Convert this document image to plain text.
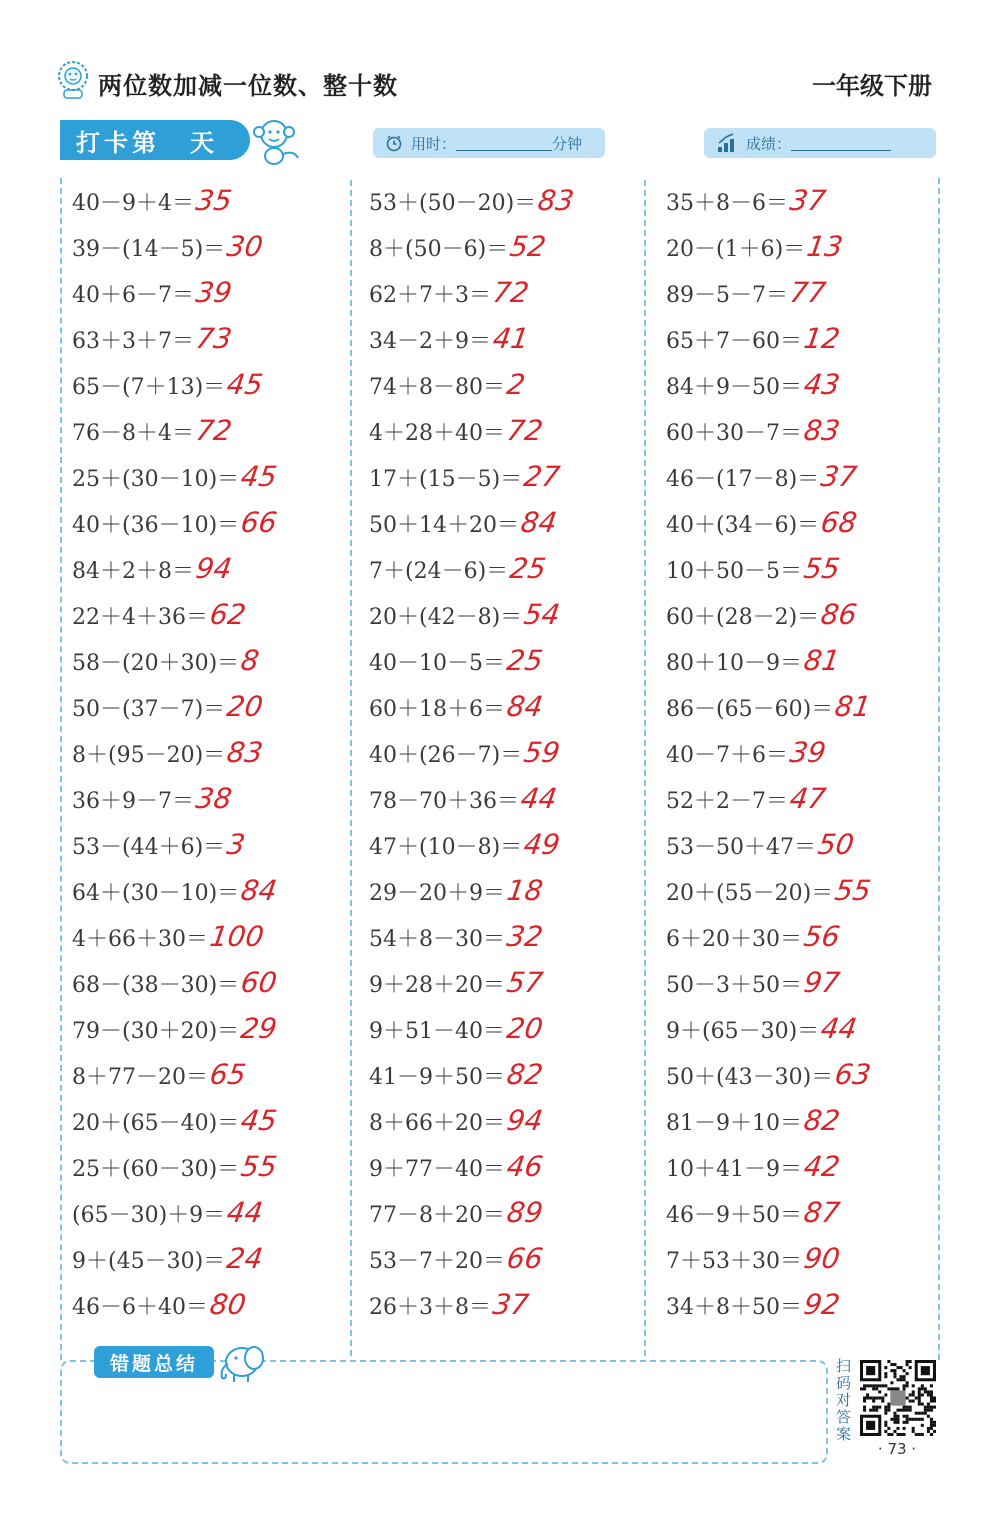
两位数加减一位数、整十数	一年级下册
打卡第 天	用时：	分钟	成绩：
40－9＋4＝35
39－(14－5)＝30
40＋6－7＝39
63＋3＋7＝73
65－(7＋13)＝45
76－8＋4＝72
25＋(30－10)＝45
40＋(36－10)＝66
84＋2＋8＝94
22＋4＋36＝62
58－(20＋30)＝8
50－(37－7)＝20
8＋(95－20)＝83
36＋9－7＝38
53－(44＋6)＝3
64＋(30－10)＝84
4＋66＋30＝100
68－(38－30)＝60
79－(30＋20)＝29
8＋77－20＝65
20＋(65－40)＝45
25＋(60－30)＝55
(65－30)＋9＝44
9＋(45－30)＝24
46－6＋40＝80
53＋(50－20)＝83
8＋(50－6)＝52
62＋7＋3＝72
34－2＋9＝41
74＋8－80＝2
4＋28＋40＝72
17＋(15－5)＝27
50＋14＋20＝84
7＋(24－6)＝25
20＋(42－8)＝54
40－10－5＝25
60＋18＋6＝84
40＋(26－7)＝59
78－70＋36＝44
47＋(10－8)＝49
29－20＋9＝18
54＋8－30＝32
9＋28＋20＝57
9＋51－40＝20
41－9＋50＝82
8＋66＋20＝94
9＋77－40＝46
77－8＋20＝89
53－7＋20＝66
26＋3＋8＝37
35＋8－6＝37
20－(1＋6)＝13
89－5－7＝77
65＋7－60＝12
84＋9－50＝43
60＋30－7＝83
46－(17－8)＝37
40＋(34－6)＝68
10＋50－5＝55
60＋(28－2)＝86
80＋10－9＝81
86－(65－60)＝81
40－7＋6＝39
52＋2－7＝47
53－50＋47＝50
20＋(55－20)＝55
6＋20＋30＝56
50－3＋50＝97
9＋(65－30)＝44
50＋(43－30)＝63
81－9＋10＝82
10＋41－9＝42
46－9＋50＝87
7＋53＋30＝90
34＋8＋50＝92
错题总结	扫码对答案
· 73 ·
